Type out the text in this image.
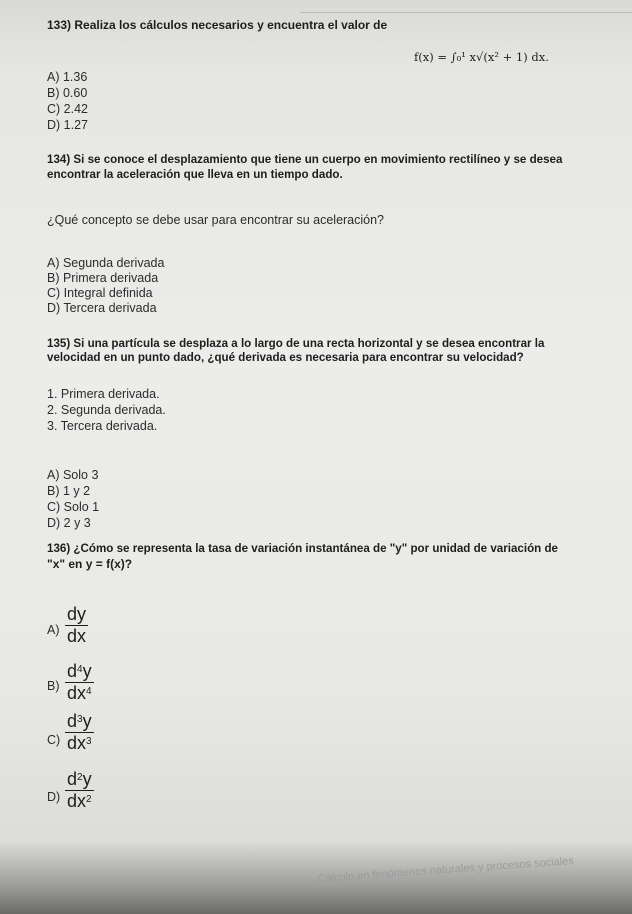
133) Realiza los cálculos necesarios y encuentra el valor de
f(x) = ∫₀¹ x√(x² + 1) dx.
A) 1.36
B) 0.60
C) 2.42
D) 1.27
134) Si se conoce el desplazamiento que tiene un cuerpo en movimiento rectilíneo y se desea
encontrar la aceleración que lleva en un tiempo dado.
¿Qué concepto se debe usar para encontrar su aceleración?
A) Segunda derivada
B) Primera derivada
C) Integral definida
D) Tercera derivada
135) Si una partícula se desplaza a lo largo de una recta horizontal y se desea encontrar la
velocidad en un punto dado, ¿qué derivada es necesaria para encontrar su velocidad?
1. Primera derivada.
2. Segunda derivada.
3. Tercera derivada.
A) Solo 3
B) 1 y 2
C) Solo 1
D) 2 y 3
136) ¿Cómo se representa la tasa de variación instantánea de "y" por unidad de variación de
"x" en y = f(x)?
A)
dy
dx
B)
$d^4y$
$dx^4$
C)
$d^3y$
$dx^3$
D)
$d^2y$
$dx^2$
Cálculo en fenómenos naturales y procesos sociales
